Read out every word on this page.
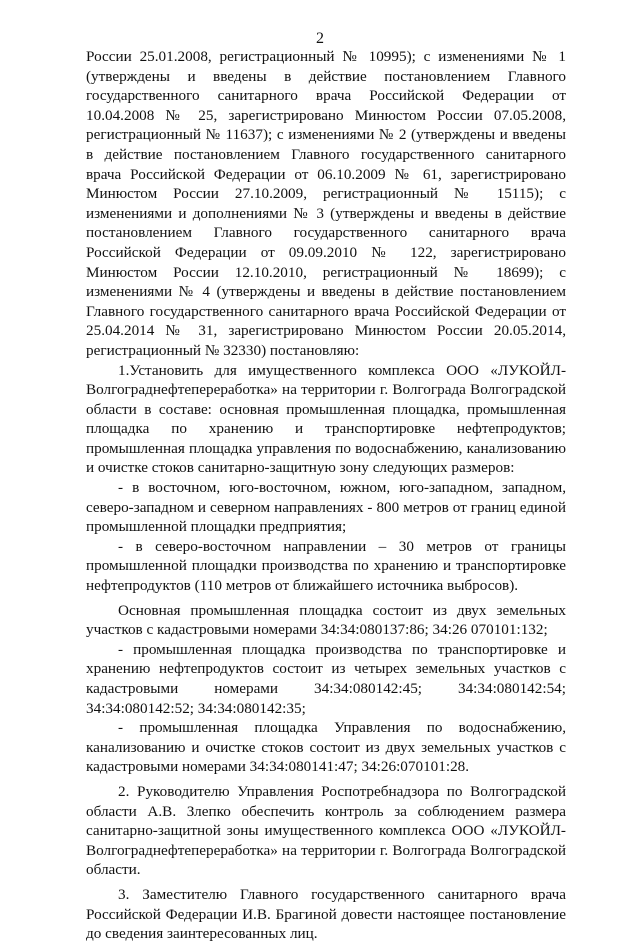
2

России 25.01.2008, регистрационный № 10995); с изменениями № 1 (утверждены и введены в действие постановлением Главного государственного санитарного врача Российской Федерации от 10.04.2008 № 25, зарегистрировано Минюстом России 07.05.2008, регистрационный № 11637); с изменениями № 2 (утверждены и введены в действие постановлением Главного государственного санитарного врача Российской Федерации от 06.10.2009 № 61, зарегистрировано Минюстом России 27.10.2009, регистрационный № 15115); с изменениями и дополнениями № 3 (утверждены и введены в действие постановлением Главного государственного санитарного врача Российской Федерации от 09.09.2010 № 122, зарегистрировано Минюстом России 12.10.2010, регистрационный № 18699); с изменениями № 4 (утверждены и введены в действие постановлением Главного государственного санитарного врача Российской Федерации от 25.04.2014 № 31, зарегистрировано Минюстом России 20.05.2014, регистрационный № 32330) постановляю:

1.Установить для имущественного комплекса ООО «ЛУКОЙЛ-Волгограднефтепереработка» на территории г. Волгограда Волгоградской области в составе: основная промышленная площадка, промышленная площадка по хранению и транспортировке нефтепродуктов; промышленная площадка управления по водоснабжению, канализованию и очистке стоков санитарно-защитную зону следующих размеров:

- в восточном, юго-восточном, южном, юго-западном, западном, северо-западном и северном направлениях - 800 метров от границ единой промышленной площадки предприятия;

- в северо-восточном направлении – 30 метров от границы промышленной площадки производства по хранению и транспортировке нефтепродуктов (110 метров от ближайшего источника выбросов).

Основная промышленная площадка состоит из двух земельных участков с кадастровыми номерами 34:34:080137:86; 34:26 070101:132;

- промышленная площадка производства по транспортировке и хранению нефтепродуктов состоит из четырех земельных участков с кадастровыми номерами 34:34:080142:45; 34:34:080142:54; 34:34:080142:52; 34:34:080142:35;

- промышленная площадка Управления по водоснабжению, канализованию и очистке стоков состоит из двух земельных участков с кадастровыми номерами 34:34:080141:47; 34:26:070101:28.

2. Руководителю Управления Роспотребнадзора по Волгоградской области А.В. Злепко обеспечить контроль за соблюдением размера санитарно-защитной зоны имущественного комплекса ООО «ЛУКОЙЛ-Волгограднефтепереработка» на территории г. Волгограда Волгоградской области.

3. Заместителю Главного государственного санитарного врача Российской Федерации И.В. Брагиной довести настоящее постановление до сведения заинтересованных лиц.
